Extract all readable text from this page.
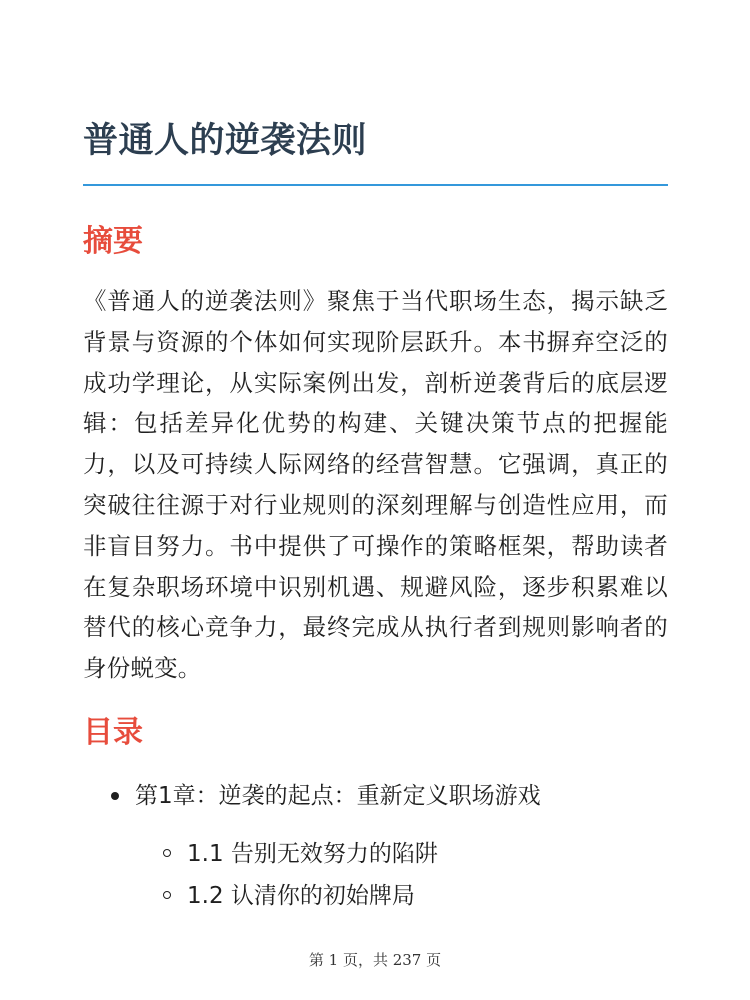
普通人的逆袭法则
摘要

《普通人的逆袭法则》聚焦于当代职场生态，揭示缺乏背景与资源的个体如何实现阶层跃升。本书摒弃空泛的成功学理论，从实际案例出发，剖析逆袭背后的底层逻辑：包括差异化优势的构建、关键决策节点的把握能力，以及可持续人际网络的经营智慧。它强调，真正的突破往往源于对行业规则的深刻理解与创造性应用，而非盲目努力。书中提供了可操作的策略框架，帮助读者在复杂职场环境中识别机遇、规避风险，逐步积累难以替代的核心竞争力，最终完成从执行者到规则影响者的身份蜕变。

目录
第1章：逆袭的起点：重新定义职场游戏
1.1 告别无效努力的陷阱
1.2 认清你的初始牌局
第 1 页，共 237 页
